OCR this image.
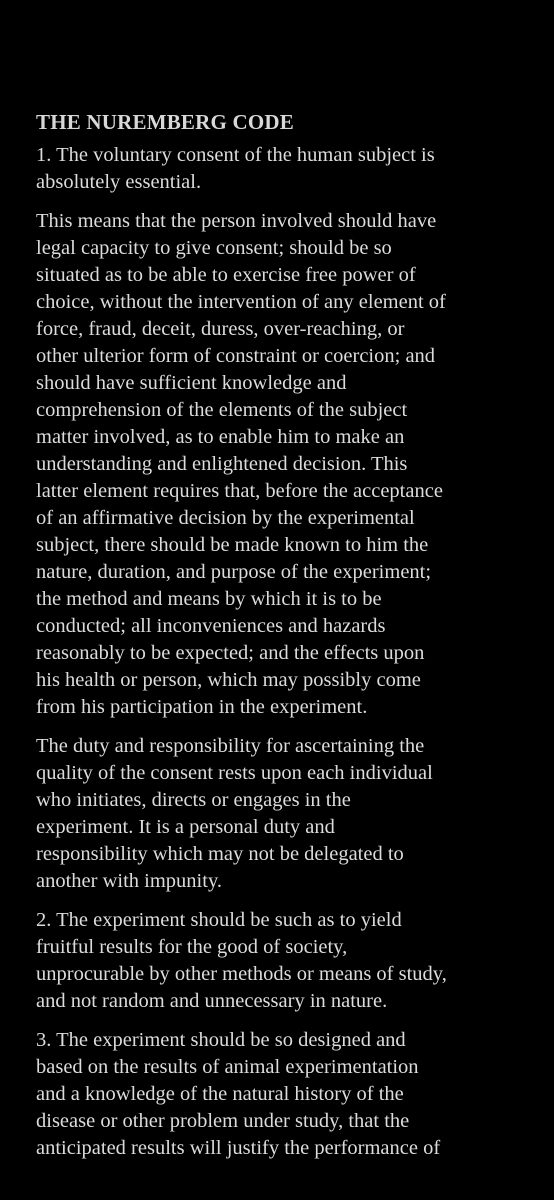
THE NUREMBERG CODE
1. The voluntary consent of the human subject is
absolutely essential.
This means that the person involved should have
legal capacity to give consent; should be so
situated as to be able to exercise free power of
choice, without the intervention of any element of
force, fraud, deceit, duress, over-reaching, or
other ulterior form of constraint or coercion; and
should have sufficient knowledge and
comprehension of the elements of the subject
matter involved, as to enable him to make an
understanding and enlightened decision. This
latter element requires that, before the acceptance
of an affirmative decision by the experimental
subject, there should be made known to him the
nature, duration, and purpose of the experiment;
the method and means by which it is to be
conducted; all inconveniences and hazards
reasonably to be expected; and the effects upon
his health or person, which may possibly come
from his participation in the experiment.
The duty and responsibility for ascertaining the
quality of the consent rests upon each individual
who initiates, directs or engages in the
experiment. It is a personal duty and
responsibility which may not be delegated to
another with impunity.
2. The experiment should be such as to yield
fruitful results for the good of society,
unprocurable by other methods or means of study,
and not random and unnecessary in nature.
3. The experiment should be so designed and
based on the results of animal experimentation
and a knowledge of the natural history of the
disease or other problem under study, that the
anticipated results will justify the performance of
